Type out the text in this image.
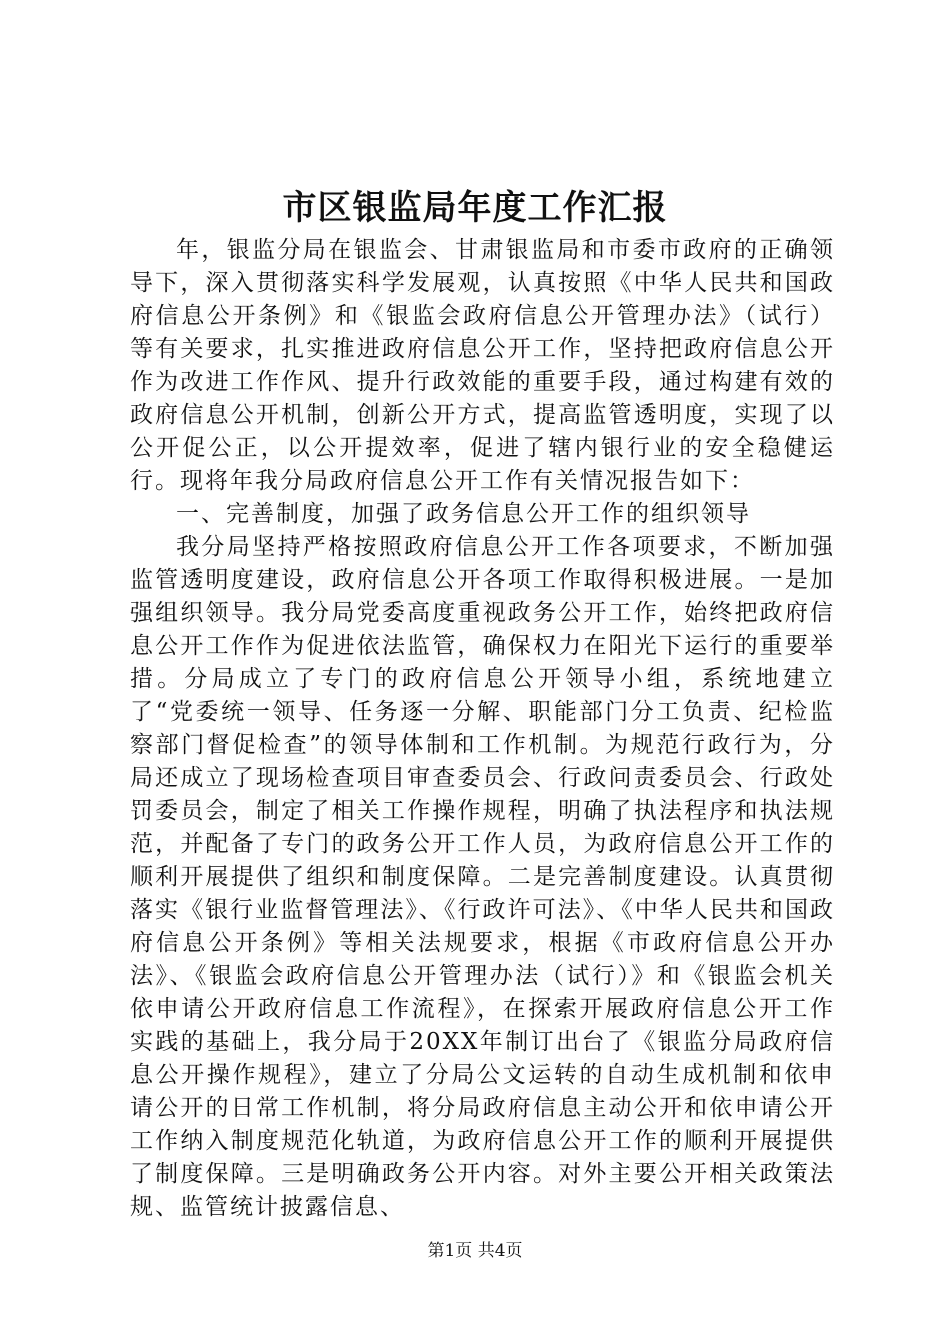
市区银监局年度工作汇报

年，银监分局在银监会、甘肃银监局和市委市政府的正确领导下，深入贯彻落实科学发展观，认真按照《中华人民共和国政府信息公开条例》和《银监会政府信息公开管理办法》（试行）等有关要求，扎实推进政府信息公开工作，坚持把政府信息公开作为改进工作作风、提升行政效能的重要手段，通过构建有效的政府信息公开机制，创新公开方式，提高监管透明度，实现了以公开促公正，以公开提效率，促进了辖内银行业的安全稳健运行。现将年我分局政府信息公开工作有关情况报告如下：

一、完善制度，加强了政务信息公开工作的组织领导

我分局坚持严格按照政府信息公开工作各项要求，不断加强监管透明度建设，政府信息公开各项工作取得积极进展。一是加强组织领导。我分局党委高度重视政务公开工作，始终把政府信息公开工作作为促进依法监管，确保权力在阳光下运行的重要举措。分局成立了专门的政府信息公开领导小组，系统地建立了“党委统一领导、任务逐一分解、职能部门分工负责、纪检监察部门督促检查”的领导体制和工作机制。为规范行政行为，分局还成立了现场检查项目审查委员会、行政问责委员会、行政处罚委员会，制定了相关工作操作规程，明确了执法程序和执法规范，并配备了专门的政务公开工作人员，为政府信息公开工作的顺利开展提供了组织和制度保障。二是完善制度建设。认真贯彻落实《银行业监督管理法》、《行政许可法》、《中华人民共和国政府信息公开条例》等相关法规要求，根据《市政府信息公开办法》、《银监会政府信息公开管理办法（试行）》和《银监会机关依申请公开政府信息工作流程》，在探索开展政府信息公开工作实践的基础上，我分局于20XX年制订出台了《银监分局政府信息公开操作规程》，建立了分局公文运转的自动生成机制和依申请公开的日常工作机制，将分局政府信息主动公开和依申请公开工作纳入制度规范化轨道，为政府信息公开工作的顺利开展提供了制度保障。三是明确政务公开内容。对外主要公开相关政策法规、监管统计披露信息、

第1页 共4页
